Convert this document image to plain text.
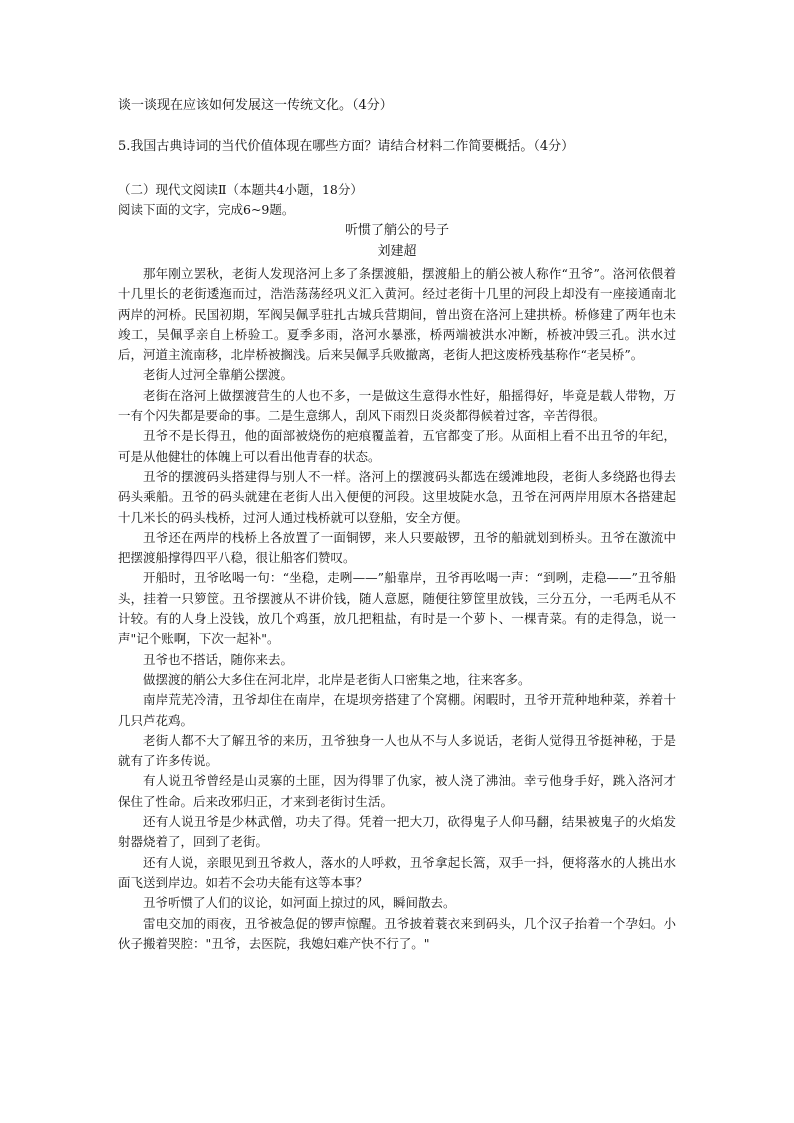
谈一谈现在应该如何发展这一传统文化。（4分）
5.我国古典诗词的当代价值体现在哪些方面？请结合材料二作简要概括。（4分）
（二）现代文阅读Ⅱ（本题共4小题，18分）
阅读下面的文字，完成6~9题。
听惯了艄公的号子
刘建超

那年刚立罢秋，老街人发现洛河上多了条摆渡船，摆渡船上的艄公被人称作“丑爷”。洛河依偎着十几里长的老街逶迤而过，浩浩荡荡经巩义汇入黄河。经过老街十几里的河段上却没有一座接通南北两岸的河桥。民国初期，军阀吴佩孚驻扎古城兵营期间，曾出资在洛河上建拱桥。桥修建了两年也未竣工，吴佩孚亲自上桥验工。夏季多雨，洛河水暴涨，桥两端被洪水冲断，桥被冲毁三孔。洪水过后，河道主流南移，北岸桥被搁浅。后来吴佩孚兵败撤离，老街人把这废桥残基称作“老吴桥”。

老街人过河全靠艄公摆渡。

老街在洛河上做摆渡营生的人也不多，一是做这生意得水性好，船摇得好，毕竟是载人带物，万一有个闪失都是要命的事。二是生意绑人，刮风下雨烈日炎炎都得候着过客，辛苦得很。

丑爷不是长得丑，他的面部被烧伤的疤痕覆盖着，五官都变了形。从面相上看不出丑爷的年纪，可是从他健壮的体魄上可以看出他青春的状态。

丑爷的摆渡码头搭建得与别人不一样。洛河上的摆渡码头都选在缓滩地段，老街人多绕路也得去码头乘船。丑爷的码头就建在老街人出入便便的河段。这里坡陡水急，丑爷在河两岸用原木各搭建起十几米长的码头栈桥，过河人通过栈桥就可以登船，安全方便。

丑爷还在两岸的栈桥上各放置了一面铜锣，来人只要敲锣，丑爷的船就划到桥头。丑爷在激流中把摆渡船撑得四平八稳，很让船客们赞叹。

开船时，丑爷吆喝一句：“坐稳，走咧——”船靠岸，丑爷再吆喝一声：“到咧，走稳——”丑爷船头，挂着一只箩筐。丑爷摆渡从不讲价钱，随人意愿，随便往箩筐里放钱，三分五分，一毛两毛从不计较。有的人身上没钱，放几个鸡蛋，放几把粗盐，有时是一个萝卜、一棵青菜。有的走得急，说一声"记个账啊，下次一起补"。

丑爷也不搭话，随你来去。

做摆渡的艄公大多住在河北岸，北岸是老街人口密集之地，往来客多。

南岸荒芜冷清，丑爷却住在南岸，在堤坝旁搭建了个窝棚。闲暇时，丑爷开荒种地种菜，养着十几只芦花鸡。

老街人都不大了解丑爷的来历，丑爷独身一人也从不与人多说话，老街人觉得丑爷挺神秘，于是就有了许多传说。

有人说丑爷曾经是山灵寨的土匪，因为得罪了仇家，被人浇了沸油。幸亏他身手好，跳入洛河才保住了性命。后来改邪归正，才来到老街讨生活。

还有人说丑爷是少林武僧，功夫了得。凭着一把大刀，砍得鬼子人仰马翻，结果被鬼子的火焰发射器烧着了，回到了老街。

还有人说，亲眼见到丑爷救人，落水的人呼救，丑爷拿起长篙，双手一抖，便将落水的人挑出水面飞送到岸边。如若不会功夫能有这等本事？

丑爷听惯了人们的议论，如河面上掠过的风，瞬间散去。

雷电交加的雨夜，丑爷被急促的锣声惊醒。丑爷披着蓑衣来到码头，几个汉子抬着一个孕妇。小伙子搬着哭腔："丑爷，去医院，我媳妇难产快不行了。"
